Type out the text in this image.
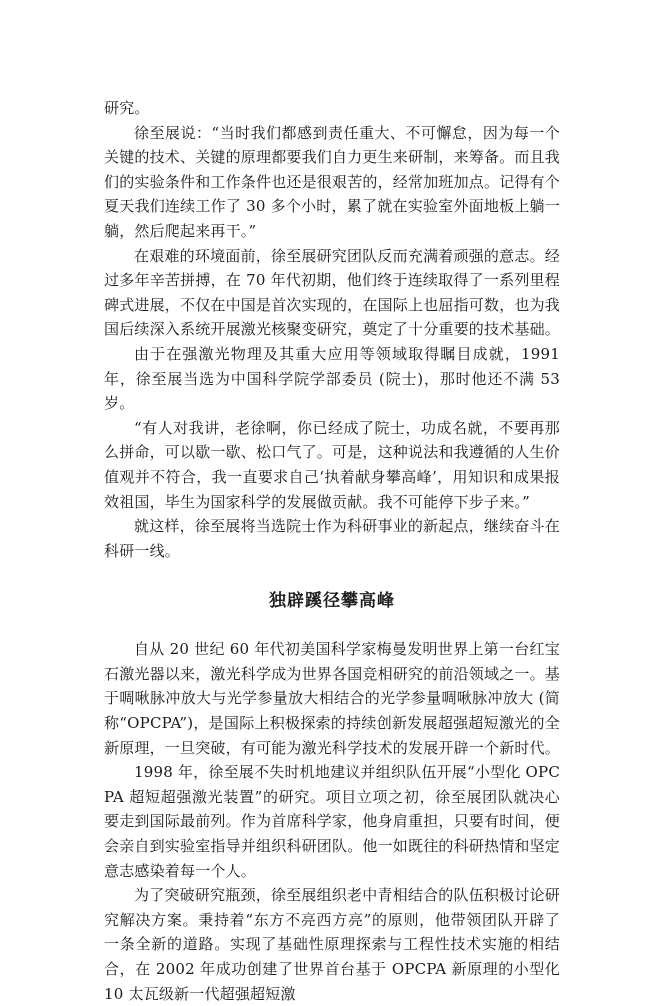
研究。

徐至展说：“当时我们都感到责任重大、不可懈怠，因为每一个关键的技术、关键的原理都要我们自力更生来研制，来筹备。而且我们的实验条件和工作条件也还是很艰苦的，经常加班加点。记得有个夏天我们连续工作了 30 多个小时，累了就在实验室外面地板上躺一躺，然后爬起来再干。”

在艰难的环境面前，徐至展研究团队反而充满着顽强的意志。经过多年辛苦拼搏，在 70 年代初期，他们终于连续取得了一系列里程碑式进展，不仅在中国是首次实现的，在国际上也屈指可数，也为我国后续深入系统开展激光核聚变研究，奠定了十分重要的技术基础。

由于在强激光物理及其重大应用等领域取得瞩目成就，1991 年，徐至展当选为中国科学院学部委员 (院士)，那时他还不满 53 岁。

“有人对我讲，老徐啊，你已经成了院士，功成名就，不要再那么拼命，可以歇一歇、松口气了。可是，这种说法和我遵循的人生价值观并不符合，我一直要求自己‘执着献身攀高峰’，用知识和成果报效祖国，毕生为国家科学的发展做贡献。我不可能停下步子来。”

就这样，徐至展将当选院士作为科研事业的新起点，继续奋斗在科研一线。

独辟蹊径攀高峰

自从 20 世纪 60 年代初美国科学家梅曼发明世界上第一台红宝石激光器以来，激光科学成为世界各国竞相研究的前沿领域之一。基于啁啾脉冲放大与光学参量放大相结合的光学参量啁啾脉冲放大 (简称“OPCPA”)，是国际上积极探索的持续创新发展超强超短激光的全新原理，一旦突破，有可能为激光科学技术的发展开辟一个新时代。

1998 年，徐至展不失时机地建议并组织队伍开展“小型化 OPCPA 超短超强激光装置”的研究。项目立项之初，徐至展团队就决心要走到国际最前列。作为首席科学家，他身肩重担，只要有时间，便会亲自到实验室指导并组织科研团队。他一如既往的科研热情和坚定意志感染着每一个人。

为了突破研究瓶颈，徐至展组织老中青相结合的队伍积极讨论研究解决方案。秉持着“东方不亮西方亮”的原则，他带领团队开辟了一条全新的道路。实现了基础性原理探索与工程性技术实施的相结合，在 2002 年成功创建了世界首台基于 OPCPA 新原理的小型化 10 太瓦级新一代超强超短激
